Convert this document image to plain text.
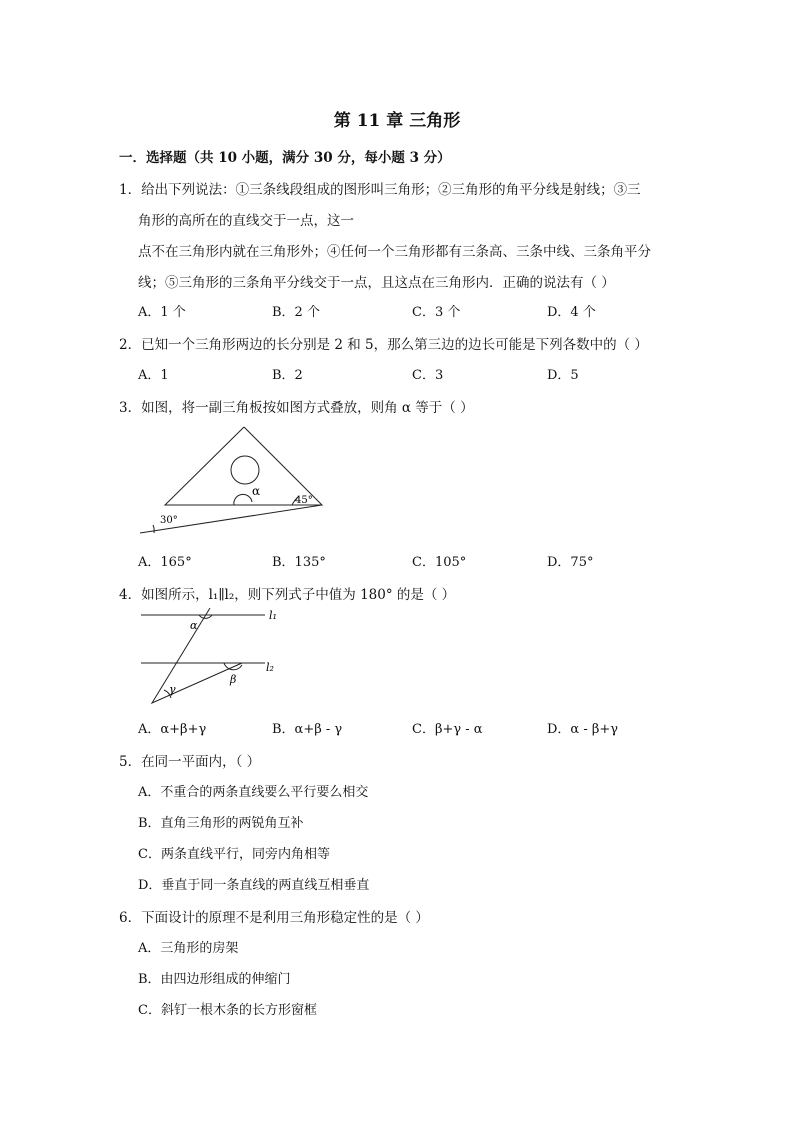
第 11 章 三角形
一．选择题（共 10 小题，满分 30 分，每小题 3 分）
1．给出下列说法：①三条线段组成的图形叫三角形；②三角形的角平分线是射线；③三
角形的高所在的直线交于一点，这一
点不在三角形内就在三角形外；④任何一个三角形都有三条高、三条中线、三条角平分
线；⑤三角形的三条角平分线交于一点，且这点在三角形内．正确的说法有（ ）
A．1 个	B．2 个	C．3 个	D．4 个
2．已知一个三角形两边的长分别是 2 和 5，那么第三边的边长可能是下列各数中的（ ）
A．1	B．2	C．3	D．5
3．如图，将一副三角板按如图方式叠放，则角 α 等于（ ）
α
45°
30°
A．165°	B．135°	C．105°	D．75°
4．如图所示，l₁∥l₂，则下列式子中值为 180° 的是（ ）
α
β
γ
l₁
l₂
A．α+β+γ	B．α+β - γ	C．β+γ - α	D．α - β+γ
5．在同一平面内，（ ）
A．不重合的两条直线要么平行要么相交
B．直角三角形的两锐角互补
C．两条直线平行，同旁内角相等
D．垂直于同一条直线的两直线互相垂直
6．下面设计的原理不是利用三角形稳定性的是（ ）
A．三角形的房架
B．由四边形组成的伸缩门
C．斜钉一根木条的长方形窗框
